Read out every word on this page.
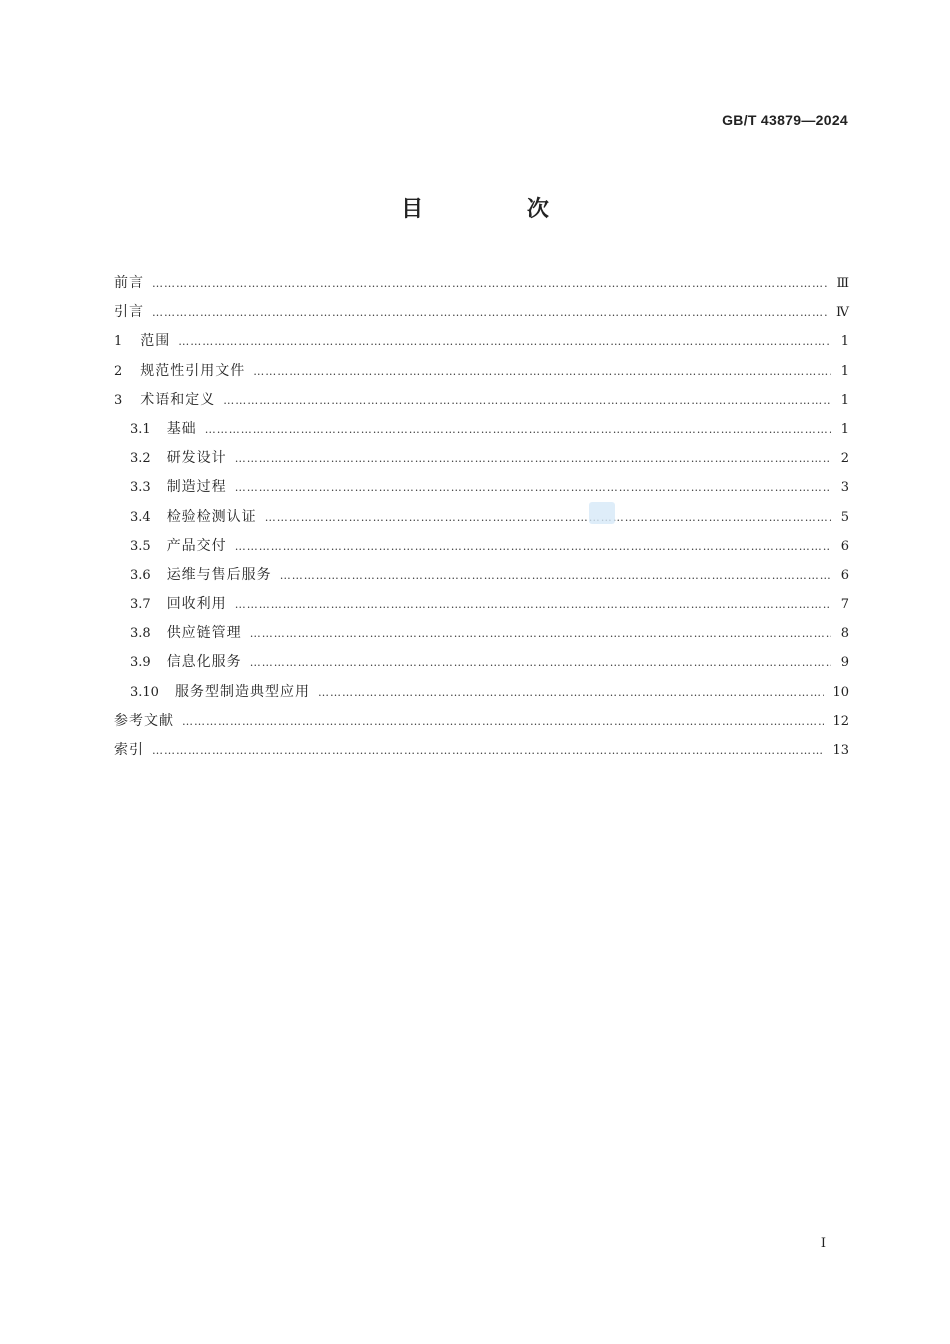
GB/T 43879—2024
目 次
前言 ……………………………………………………………………………………………………………………………………………………………………………………………………………	Ⅲ
引言 ……………………………………………………………………………………………………………………………………………………………………………………………………………	Ⅳ
1 范围 ……………………………………………………………………………………………………………………………………………………………………………………………………………	1
2 规范性引用文件 ……………………………………………………………………………………………………………………………………………………………………………………………………………	1
3 术语和定义 ……………………………………………………………………………………………………………………………………………………………………………………………………………	1
3.1 基础 ……………………………………………………………………………………………………………………………………………………………………………………………………………	1
3.2 研发设计 ……………………………………………………………………………………………………………………………………………………………………………………………………………	2
3.3 制造过程 ……………………………………………………………………………………………………………………………………………………………………………………………………………	3
3.4 检验检测认证 ……………………………………………………………………………………………………………………………………………………………………………………………………………	5
3.5 产品交付 ……………………………………………………………………………………………………………………………………………………………………………………………………………	6
3.6 运维与售后服务 ……………………………………………………………………………………………………………………………………………………………………………………………………………	6
3.7 回收利用 ……………………………………………………………………………………………………………………………………………………………………………………………………………	7
3.8 供应链管理 ……………………………………………………………………………………………………………………………………………………………………………………………………………	8
3.9 信息化服务 ……………………………………………………………………………………………………………………………………………………………………………………………………………	9
3.10 服务型制造典型应用 ……………………………………………………………………………………………………………………………………………………………………………………………………………	10
参考文献 ……………………………………………………………………………………………………………………………………………………………………………………………………………	12
索引 ……………………………………………………………………………………………………………………………………………………………………………………………………………	13
I
